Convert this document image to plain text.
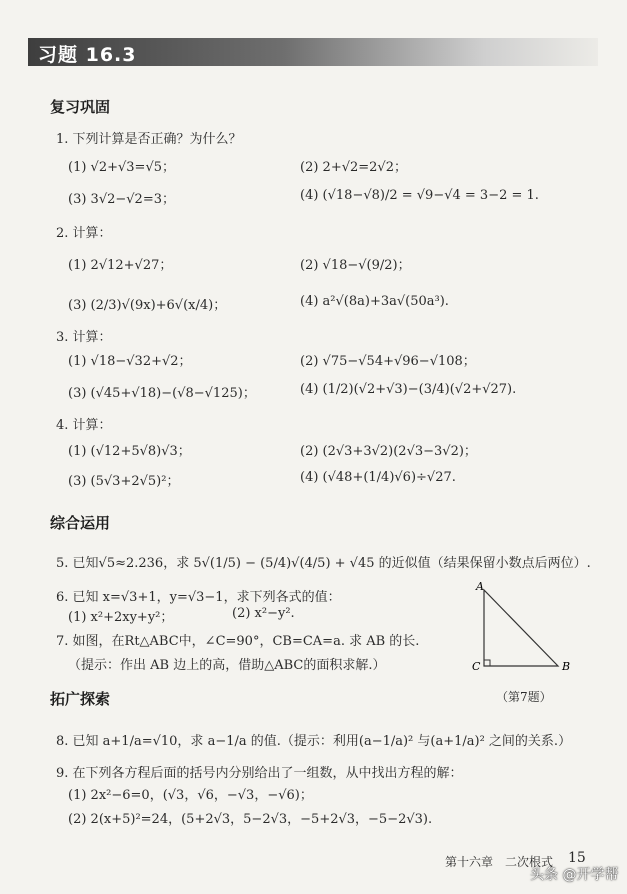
习题 16.3
复习巩固
1. 下列计算是否正确？为什么？
(1) √2+√3=√5；	(2) 2+√2=2√2；
(3) 3√2−√2=3；	(4) (√18−√8)/2 = √9−√4 = 3−2 = 1.
2. 计算：
(1) 2√12+√27；	(2) √18−√(9/2)；
(3) (2/3)√(9x)+6√(x/4)；	(4) a²√(8a)+3a√(50a³).
3. 计算：
(1) √18−√32+√2；	(2) √75−√54+√96−√108；
(3) (√45+√18)−(√8−√125)；	(4) (1/2)(√2+√3)−(3/4)(√2+√27).
4. 计算：
(1) (√12+5√8)√3；	(2) (2√3+3√2)(2√3−3√2)；
(3) (5√3+2√5)²；	(4) (√48+(1/4)√6)÷√27.
综合运用
5. 已知√5≈2.236，求 5√(1/5) − (5/4)√(4/5) + √45 的近似值（结果保留小数点后两位）.
6. 已知 x=√3+1，y=√3−1，求下列各式的值：
(1) x²+2xy+y²；	(2) x²−y².
7. 如图，在Rt△ABC中，∠C=90°，CB=CA=a. 求 AB 的长.
（提示：作出 AB 边上的高，借助△ABC的面积求解.）
A
C	B
（第7题）
拓广探索
8. 已知 a+1/a=√10，求 a−1/a 的值.（提示：利用(a−1/a)² 与(a+1/a)² 之间的关系.）
9. 在下列各方程后面的括号内分别给出了一组数，从中找出方程的解：
(1) 2x²−6=0，(√3，√6，−√3，−√6)；
(2) 2(x+5)²=24，(5+2√3，5−2√3，−5+2√3，−5−2√3).
第十六章　二次根式 15
头条 @开学帮
